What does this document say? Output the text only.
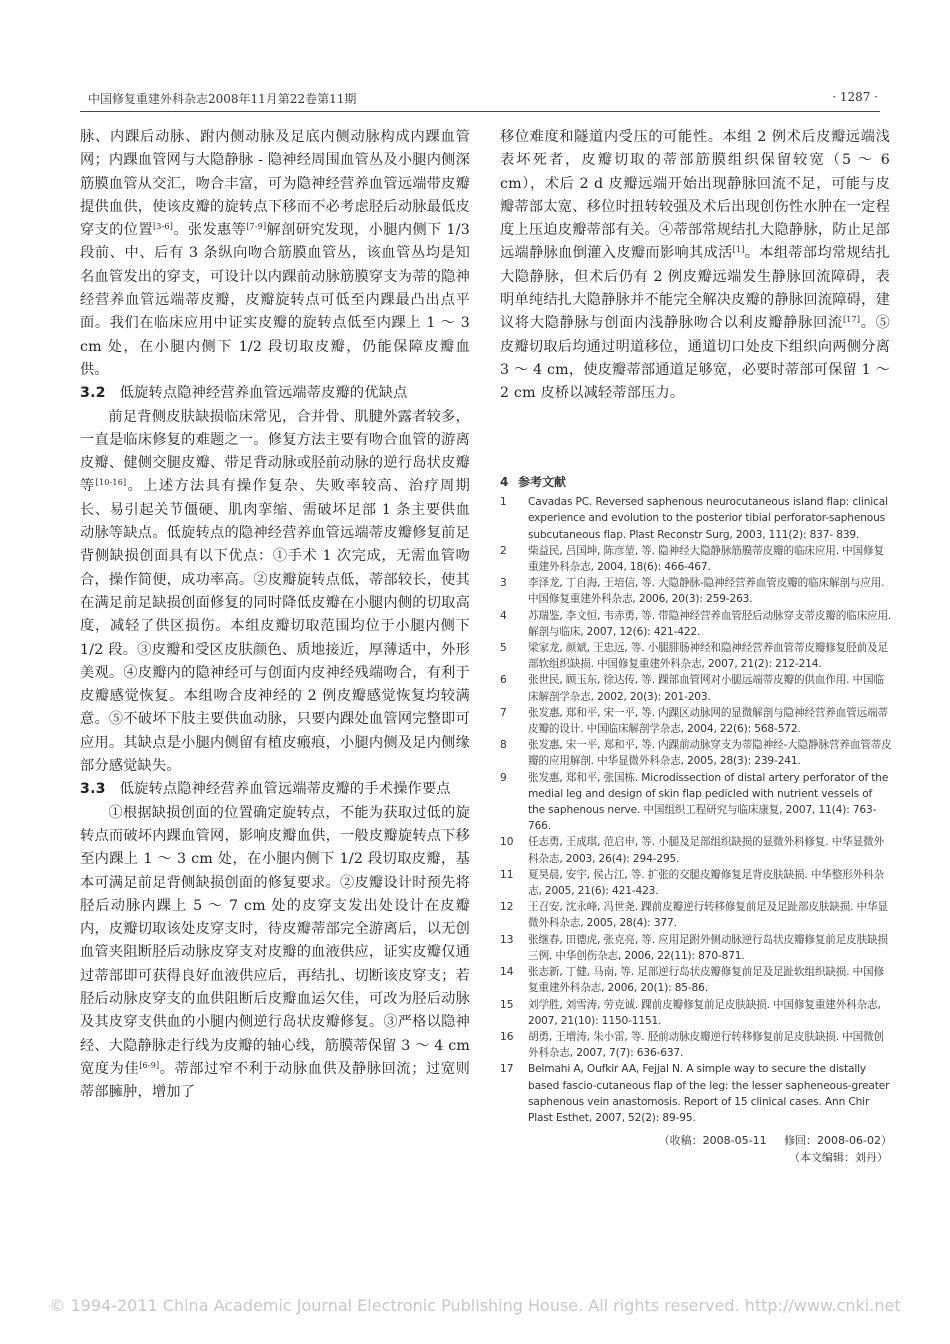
中国修复重建外科杂志2008年11月第22卷第11期	· 1287 ·

脉、内踝后动脉、跗内侧动脉及足底内侧动脉构成内踝血管网；内踝血管网与大隐静脉 - 隐神经周围血管丛及小腿内侧深筋膜血管从交汇，吻合丰富，可为隐神经营养血管远端带皮瓣提供血供，使该皮瓣的旋转点下移而不必考虑胫后动脉最低皮穿支的位置[3-6]。张发惠等[7-9]解剖研究发现，小腿内侧下 1/3 段前、中、后有 3 条纵向吻合筋膜血管丛，该血管丛均是知名血管发出的穿支，可设计以内踝前动脉筋膜穿支为蒂的隐神经营养血管远端蒂皮瓣，皮瓣旋转点可低至内踝最凸出点平面。我们在临床应用中证实皮瓣的旋转点低至内踝上 1 ～ 3 cm 处，在小腿内侧下 1/2 段切取皮瓣，仍能保障皮瓣血供。

3.2 低旋转点隐神经营养血管远端蒂皮瓣的优缺点

前足背侧皮肤缺损临床常见，合并骨、肌腱外露者较多，一直是临床修复的难题之一。修复方法主要有吻合血管的游离皮瓣、健侧交腿皮瓣、带足背动脉或胫前动脉的逆行岛状皮瓣等[10-16]。上述方法具有操作复杂、失败率较高、治疗周期长、易引起关节僵硬、肌肉挛缩、需破坏足部 1 条主要供血动脉等缺点。低旋转点的隐神经营养血管远端蒂皮瓣修复前足背侧缺损创面具有以下优点：①手术 1 次完成，无需血管吻合，操作简便，成功率高。②皮瓣旋转点低，蒂部较长，使其在满足前足缺损创面修复的同时降低皮瓣在小腿内侧的切取高度，减轻了供区损伤。本组皮瓣切取范围均位于小腿内侧下 1/2 段。③皮瓣和受区皮肤颜色、质地接近，厚薄适中，外形美观。④皮瓣内的隐神经可与创面内皮神经残端吻合，有利于皮瓣感觉恢复。本组吻合皮神经的 2 例皮瓣感觉恢复均较满意。⑤不破坏下肢主要供血动脉，只要内踝处血管网完整即可应用。其缺点是小腿内侧留有植皮瘢痕，小腿内侧及足内侧缘部分感觉缺失。

3.3 低旋转点隐神经营养血管远端蒂皮瓣的手术操作要点

①根据缺损创面的位置确定旋转点，不能为获取过低的旋转点而破坏内踝血管网，影响皮瓣血供，一般皮瓣旋转点下移至内踝上 1 ～ 3 cm 处，在小腿内侧下 1/2 段切取皮瓣，基本可满足前足背侧缺损创面的修复要求。②皮瓣设计时预先将胫后动脉内踝上 5 ～ 7 cm 处的皮穿支发出处设计在皮瓣内，皮瓣切取该处皮穿支时，待皮瓣蒂部完全游离后，以无创血管夹阻断胫后动脉皮穿支对皮瓣的血液供应，证实皮瓣仅通过蒂部即可获得良好血液供应后，再结扎、切断该皮穿支；若胫后动脉皮穿支的血供阻断后皮瓣血运欠佳，可改为胫后动脉及其皮穿支供血的小腿内侧逆行岛状皮瓣修复。③严格以隐神经、大隐静脉走行线为皮瓣的轴心线，筋膜蒂保留 3 ～ 4 cm 宽度为佳[6-9]。蒂部过窄不利于动脉血供及静脉回流；过宽则蒂部臃肿，增加了

移位难度和隧道内受压的可能性。本组 2 例术后皮瓣远端浅表坏死者，皮瓣切取的蒂部筋膜组织保留较宽（5 ～ 6 cm），术后 2 d 皮瓣远端开始出现静脉回流不足，可能与皮瓣蒂部太宽、移位时扭转较强及术后出现创伤性水肿在一定程度上压迫皮瓣蒂部有关。④蒂部常规结扎大隐静脉，防止足部远端静脉血倒灌入皮瓣而影响其成活[1]。本组蒂部均常规结扎大隐静脉，但术后仍有 2 例皮瓣远端发生静脉回流障碍，表明单纯结扎大隐静脉并不能完全解决皮瓣的静脉回流障碍，建议将大隐静脉与创面内浅静脉吻合以利皮瓣静脉回流[17]。⑤皮瓣切取后均通过明道移位，通道切口处皮下组织向两侧分离 3 ～ 4 cm，使皮瓣蒂部通道足够宽，必要时蒂部可保留 1 ～ 2 cm 皮桥以减轻蒂部压力。

4 参考文献
1	Cavadas PC. Reversed saphenous neurocutaneous island flap: clinical experience and evolution to the posterior tibial perforator-saphenous subcutaneous flap. Plast Reconstr Surg, 2003, 111(2): 837- 839.
2	柴益民, 吕国坤, 陈彦堃, 等. 隐神经大隐静脉筋膜蒂皮瓣的临床应用. 中国修复重建外科杂志, 2004, 18(6): 466-467.
3	李泽龙, 丁自海, 王培信, 等. 大隐静脉-隐神经营养血管皮瓣的临床解剖与应用. 中国修复重建外科杂志, 2006, 20(3): 259-263.
4	苏瑞鉴, 李文恒, 韦赤勇, 等. 带隐神经营养血管胫后动脉穿支蒂皮瓣的临床应用. 解剖与临床, 2007, 12(6): 421-422.
5	梁家龙, 颜斌, 王忠远, 等. 小腿腓肠神经和隐神经营养血管蒂皮瓣修复胫前及足部软组织缺损. 中国修复重建外科杂志, 2007, 21(2): 212-214.
6	张世民, 顾玉东, 徐达传, 等. 踝部血管网对小腿远端蒂皮瓣的供血作用. 中国临床解剖学杂志, 2002, 20(3): 201-203.
7	张发惠, 郑和平, 宋一平, 等. 内踝区动脉网的显微解剖与隐神经营养血管远端蒂皮瓣的设计. 中国临床解剖学杂志, 2004, 22(6): 568-572.
8	张发惠, 宋一平, 郑和平, 等. 内踝前动脉穿支为蒂隐神经-大隐静脉营养血管蒂皮瓣的应用解剖. 中华显微外科杂志, 2005, 28(3): 239-241.
9	张发惠, 郑和平, 张国栋. Microdissection of distal artery perforator of the medial leg and design of skin flap pedicled with nutrient vessels of the saphenous nerve. 中国组织工程研究与临床康复, 2007, 11(4): 763-766.
10	任志勇, 王成琪, 范启申, 等. 小腿及足部组织缺损的显微外科修复. 中华显微外科杂志, 2003, 26(4): 294-295.
11	夏昊晨, 安宇, 侯占江, 等. 扩张的交腿皮瓣修复足背皮肤缺损. 中华整形外科杂志, 2005, 21(6): 421-423.
12	王召安, 沈永峰, 冯世尧. 踝前皮瓣逆行转移修复前足及足趾部皮肤缺损. 中华显微外科杂志, 2005, 28(4): 377.
13	张继春, 田德虎, 张克亮, 等. 应用足跗外侧动脉逆行岛状皮瓣修复前足皮肤缺损三例. 中华创伤杂志, 2006, 22(11): 870-871.
14	张志新, 丁健, 马南, 等. 足部逆行岛状皮瓣修复前足及足趾软组织缺损. 中国修复重建外科杂志, 2006, 20(1): 85-86.
15	刘学胜, 刘雪涛, 劳克诚. 踝前皮瓣修复前足皮肤缺损. 中国修复重建外科杂志, 2007, 21(10): 1150-1151.
16	胡勇, 王增涛, 朱小雷, 等. 胫前动脉皮瓣逆行转移修复前足皮肤缺损. 中国微创外科杂志, 2007, 7(7): 636-637.
17	Belmahi A, Oufkir AA, Fejjal N. A simple way to secure the distally based fascio-cutaneous flap of the leg: the lesser sapheneous-greater saphenous vein anastomosis. Report of 15 clinical cases. Ann Chir Plast Esthet, 2007, 52(2): 89-95.
（收稿：2008-05-11 修回：2008-06-02）
（本文编辑：刘丹）
© 1994-2011 China Academic Journal Electronic Publishing House. All rights reserved. http://www.cnki.net
